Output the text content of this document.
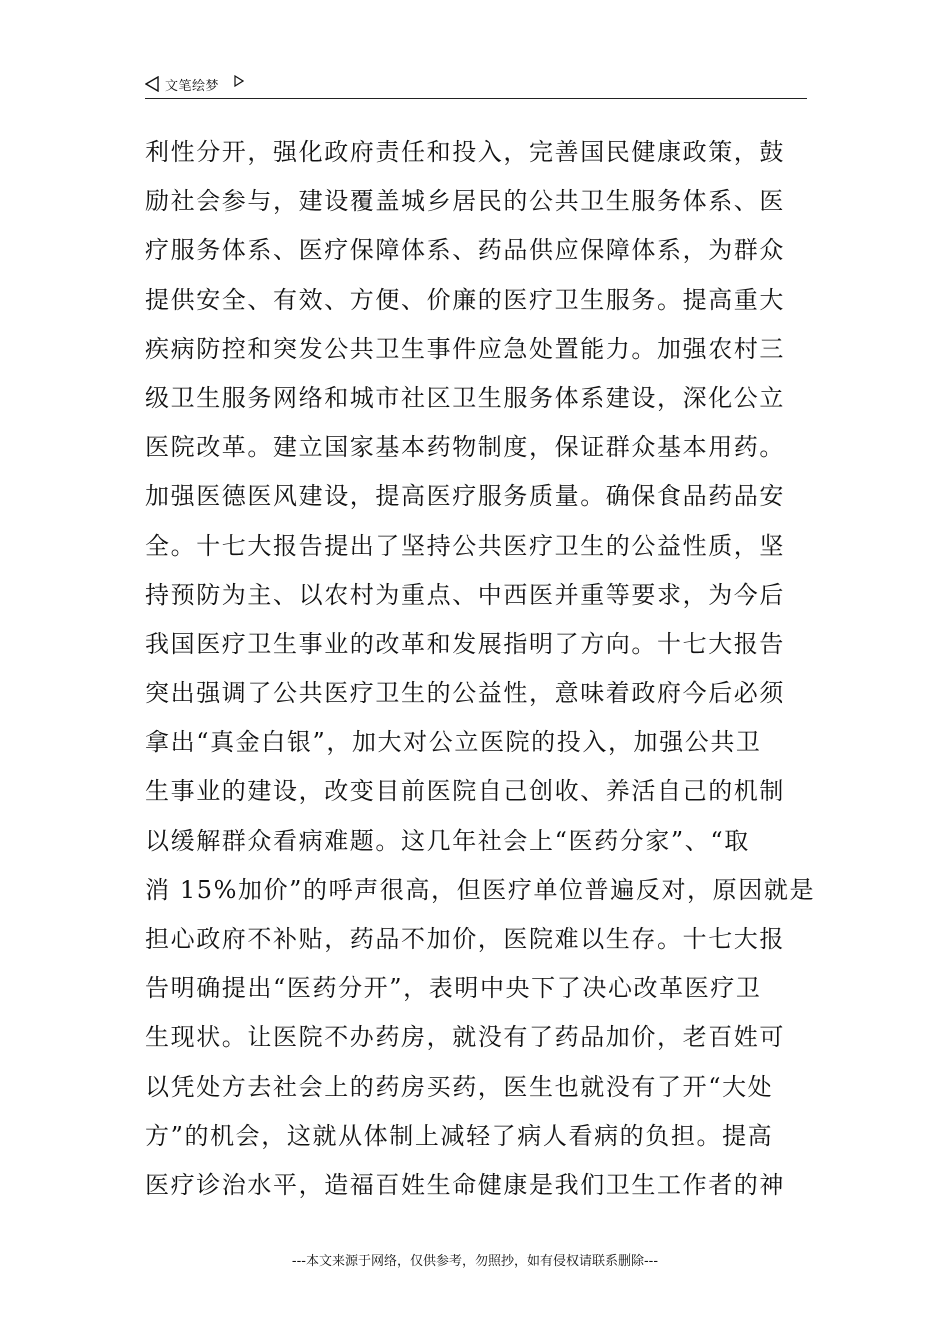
文笔绘梦
利性分开，强化政府责任和投入，完善国民健康政策，鼓
励社会参与，建设覆盖城乡居民的公共卫生服务体系、医
疗服务体系、医疗保障体系、药品供应保障体系，为群众
提供安全、有效、方便、价廉的医疗卫生服务。提高重大
疾病防控和突发公共卫生事件应急处置能力。加强农村三
级卫生服务网络和城市社区卫生服务体系建设，深化公立
医院改革。建立国家基本药物制度，保证群众基本用药。
加强医德医风建设，提高医疗服务质量。确保食品药品安
全。十七大报告提出了坚持公共医疗卫生的公益性质，坚
持预防为主、以农村为重点、中西医并重等要求，为今后
我国医疗卫生事业的改革和发展指明了方向。十七大报告
突出强调了公共医疗卫生的公益性，意味着政府今后必须
拿出“真金白银”，加大对公立医院的投入，加强公共卫
生事业的建设，改变目前医院自己创收、养活自己的机制
以缓解群众看病难题。这几年社会上“医药分家”、“取
消 15%加价”的呼声很高，但医疗单位普遍反对，原因就是
担心政府不补贴，药品不加价，医院难以生存。十七大报
告明确提出“医药分开”，表明中央下了决心改革医疗卫
生现状。让医院不办药房，就没有了药品加价，老百姓可
以凭处方去社会上的药房买药，医生也就没有了开“大处
方”的机会，这就从体制上减轻了病人看病的负担。提高
医疗诊治水平，造福百姓生命健康是我们卫生工作者的神
---本文来源于网络，仅供参考，勿照抄，如有侵权请联系删除---
